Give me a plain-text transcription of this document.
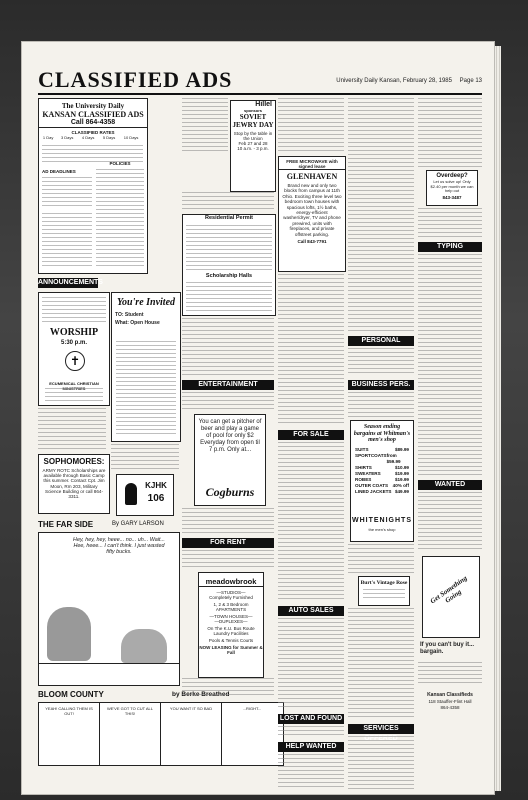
CLASSIFIED ADS	University Daily Kansan, February 28, 1985 Page 13
The University Daily
KANSAN CLASSIFIED ADS
Call 864-4358
CLASSIFIED RATES
	1 Day	3 Days	4 Days	5 Days	10 Days
AD DEADLINES
POLICIES
ANNOUNCEMENTS
WORSHIP
5:30 p.m.
✝
ECUMENICAL CHRISTIAN MINISTRIES
You're Invited
TO: Student
What: Open House
SOPHOMORES:
ARMY ROTC Scholarships are available through Basic Camp this summer. Contact Cpt. Jim Moon, Rm 203, Military Science Building or call 864-3311.
KJHK
106
THE FAR SIDE	By GARY LARSON
Hey, hey, hey, heee... no... uh... Wait... Hee, heee... I can't think. I just wasted fifty bucks.
BLOOM COUNTY	by Berke Breathed
YEAH! CALLING THEM IS OUT!
WE'VE GOT TO CUT ALL THIS!
YOU WANT IT SO BAD	...RIGHT...
Hillel
sponsors
SOVIET JEWRY DAY
Stop by the table in the Union
Feb 27 and 28
10 a.m. - 3 p.m.
Residential Permit
Scholarship Halls
ENTERTAINMENT
You can get a pitcher of beer and play a game of pool for only $2 Everyday from open til 7 p.m. Only at...
Cogburns
FOR RENT
meadowbrook
—STUDIOS—
Completely Furnished
1, 2 & 3 Bedroom APARTMENTS
—TOWN HOUSES—
—DUPLEXES—
On The K.U. Bus Route Laundry Facilities
Pools & Tennis Courts
NOW LEASING for Summer & Fall
FREE MICROWAVE with signed lease
GLENHAVEN
Brand new and only two blocks from campus at 11th Ohio. Exciting three level two bedroom town houses with spacious lofts, 1½ baths, energy-efficient washer/dryer, TV and phone prewired, units with fireplaces, and private offstreet parking.
Call 843-7791
FOR SALE
AUTO SALES
LOST AND FOUND
HELP WANTED
PERSONAL
BUSINESS PERS.
Season ending bargains at Whitman's men's shop
SUITS	$89.99
SPORTCOATS from $59.99
SHIRTS	$10.99
SWEATERS	$19.99
ROBES	$19.99
OUTER COATS 40% off
LINED JACKETS $49.99
WHITENIGHTS
the men's shop
Burt's Vintage Rose
SERVICES OFFERED
Overdeep?
Let us solve up! Only $2.40 per month we can help out
843-3487
TYPING
WANTED
Get Something Going
If you can't buy it... bargain.
Kansan Classifieds
118 Stauffer-Flint Hall
864-4358
